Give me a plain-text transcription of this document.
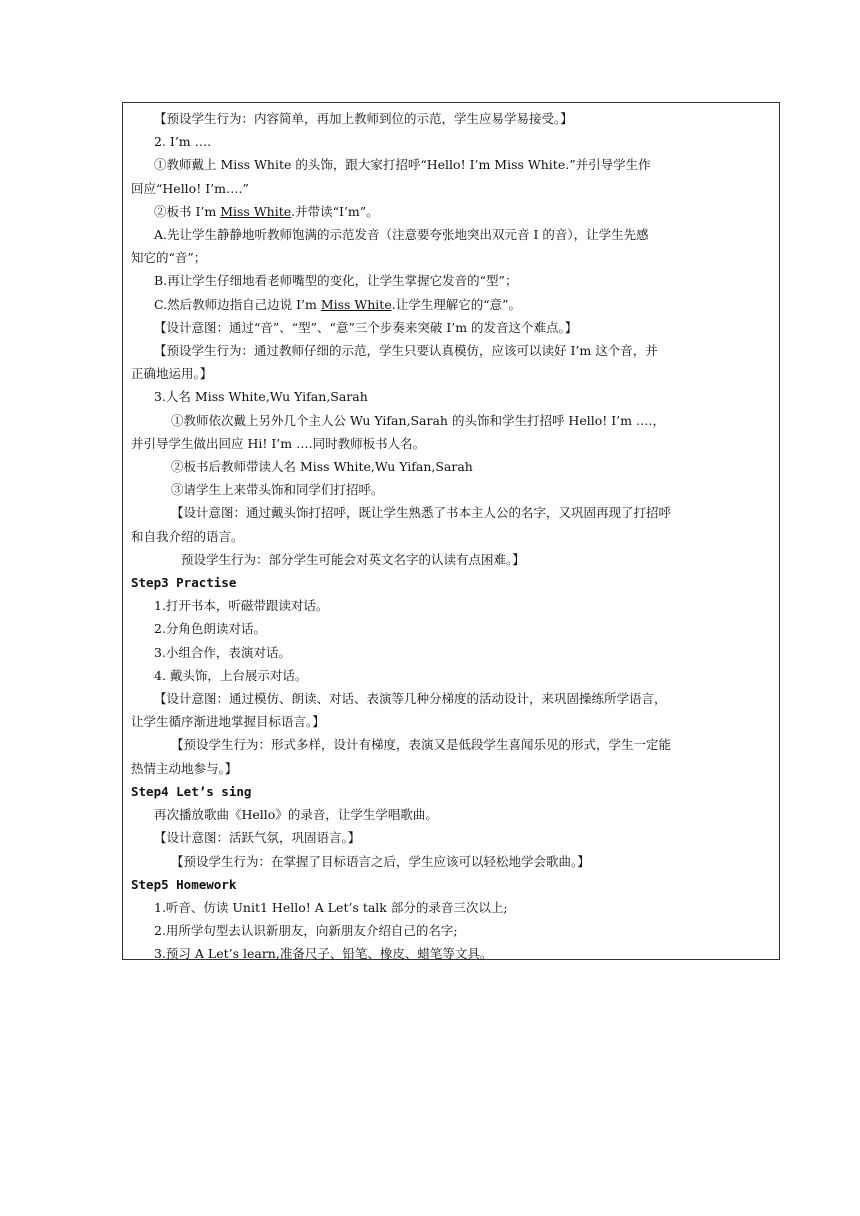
【预设学生行为：内容简单，再加上教师到位的示范，学生应易学易接受。】
2. I’m ….
①教师戴上 Miss White 的头饰，跟大家打招呼“Hello! I’m Miss White.”并引导学生作
回应“Hello! I’m….”
②板书 I’m Miss White.并带读“I’m”。
A.先让学生静静地听教师饱满的示范发音（注意要夸张地突出双元音 I 的音），让学生先感
知它的“音”；
B.再让学生仔细地看老师嘴型的变化，让学生掌握它发音的“型”；
C.然后教师边指自己边说 I’m Miss White.让学生理解它的“意”。
【设计意图：通过“音”、“型”、“意”三个步奏来突破 I’m 的发音这个难点。】
【预设学生行为：通过教师仔细的示范，学生只要认真模仿，应该可以读好 I’m 这个音，并
正确地运用。】
3.人名 Miss White,Wu Yifan,Sarah
①教师依次戴上另外几个主人公 Wu Yifan,Sarah 的头饰和学生打招呼 Hello! I’m ….，
并引导学生做出回应 Hi! I’m ….同时教师板书人名。
②板书后教师带读人名 Miss White,Wu Yifan,Sarah
③请学生上来带头饰和同学们打招呼。
【设计意图：通过戴头饰打招呼，既让学生熟悉了书本主人公的名字，又巩固再现了打招呼
和自我介绍的语言。
预设学生行为：部分学生可能会对英文名字的认读有点困难。】
Step3 Practise
1.打开书本，听磁带跟读对话。
2.分角色朗读对话。
3.小组合作，表演对话。
4. 戴头饰，上台展示对话。
【设计意图：通过模仿、朗读、对话、表演等几种分梯度的活动设计，来巩固操练所学语言，
让学生循序渐进地掌握目标语言。】
【预设学生行为：形式多样，设计有梯度，表演又是低段学生喜闻乐见的形式，学生一定能
热情主动地参与。】
Step4 Let’s sing
再次播放歌曲《Hello》的录音，让学生学唱歌曲。
【设计意图：活跃气氛，巩固语言。】
【预设学生行为：在掌握了目标语言之后，学生应该可以轻松地学会歌曲。】
Step5 Homework
1.听音、仿读 Unit1 Hello! A Let’s talk 部分的录音三次以上;
2.用所学句型去认识新朋友，向新朋友介绍自己的名字;
3.预习 A Let’s learn,准备尺子、铅笔、橡皮、蜡笔等文具。
